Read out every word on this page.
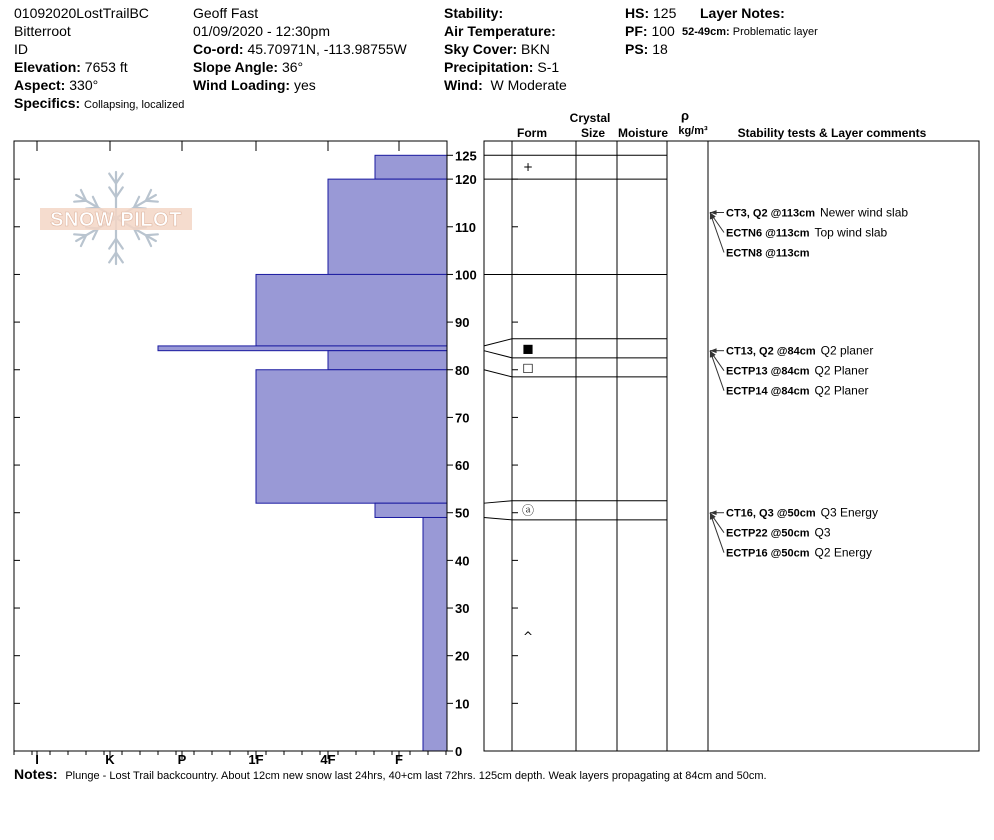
01092020LostTrailBC
Bitterroot
ID
Elevation: 7653 ft
Aspect: 330°
Specifics: Collapsing, localized
Geoff Fast
01/09/2020 - 12:30pm
Co-ord: 45.70971N, -113.98755W
Slope Angle: 36°
Wind Loading: yes
Stability:
Air Temperature:
Sky Cover: BKN
Precipitation: S-1
Wind: W Moderate
HS: 125
PF: 100
PS: 18
Layer Notes:
52-49cm: Problematic layer
SNOW PILOT
I	K	P	1F	4F	F
0
10
20
30
40
50
60
70
80
90
100
110
120
125
+
■
□
ⓐ
^
CT3, Q2 @113cm Newer wind slab
ECTN6 @113cm Top wind slab
ECTN8 @113cm
CT13, Q2 @84cm Q2 planer
ECTP13 @84cm Q2 Planer
ECTP14 @84cm Q2 Planer
CT16, Q3 @50cm Q3 Energy
ECTP22 @50cm Q3
ECTP16 @50cm Q2 Energy
Crystal
Form	Size Moisture
ρ
kg/m³ Stability tests & Layer comments
Notes: Plunge - Lost Trail backcountry. About 12cm new snow last 24hrs, 40+cm last 72hrs. 125cm depth. Weak layers propagating at 84cm and 50cm.
